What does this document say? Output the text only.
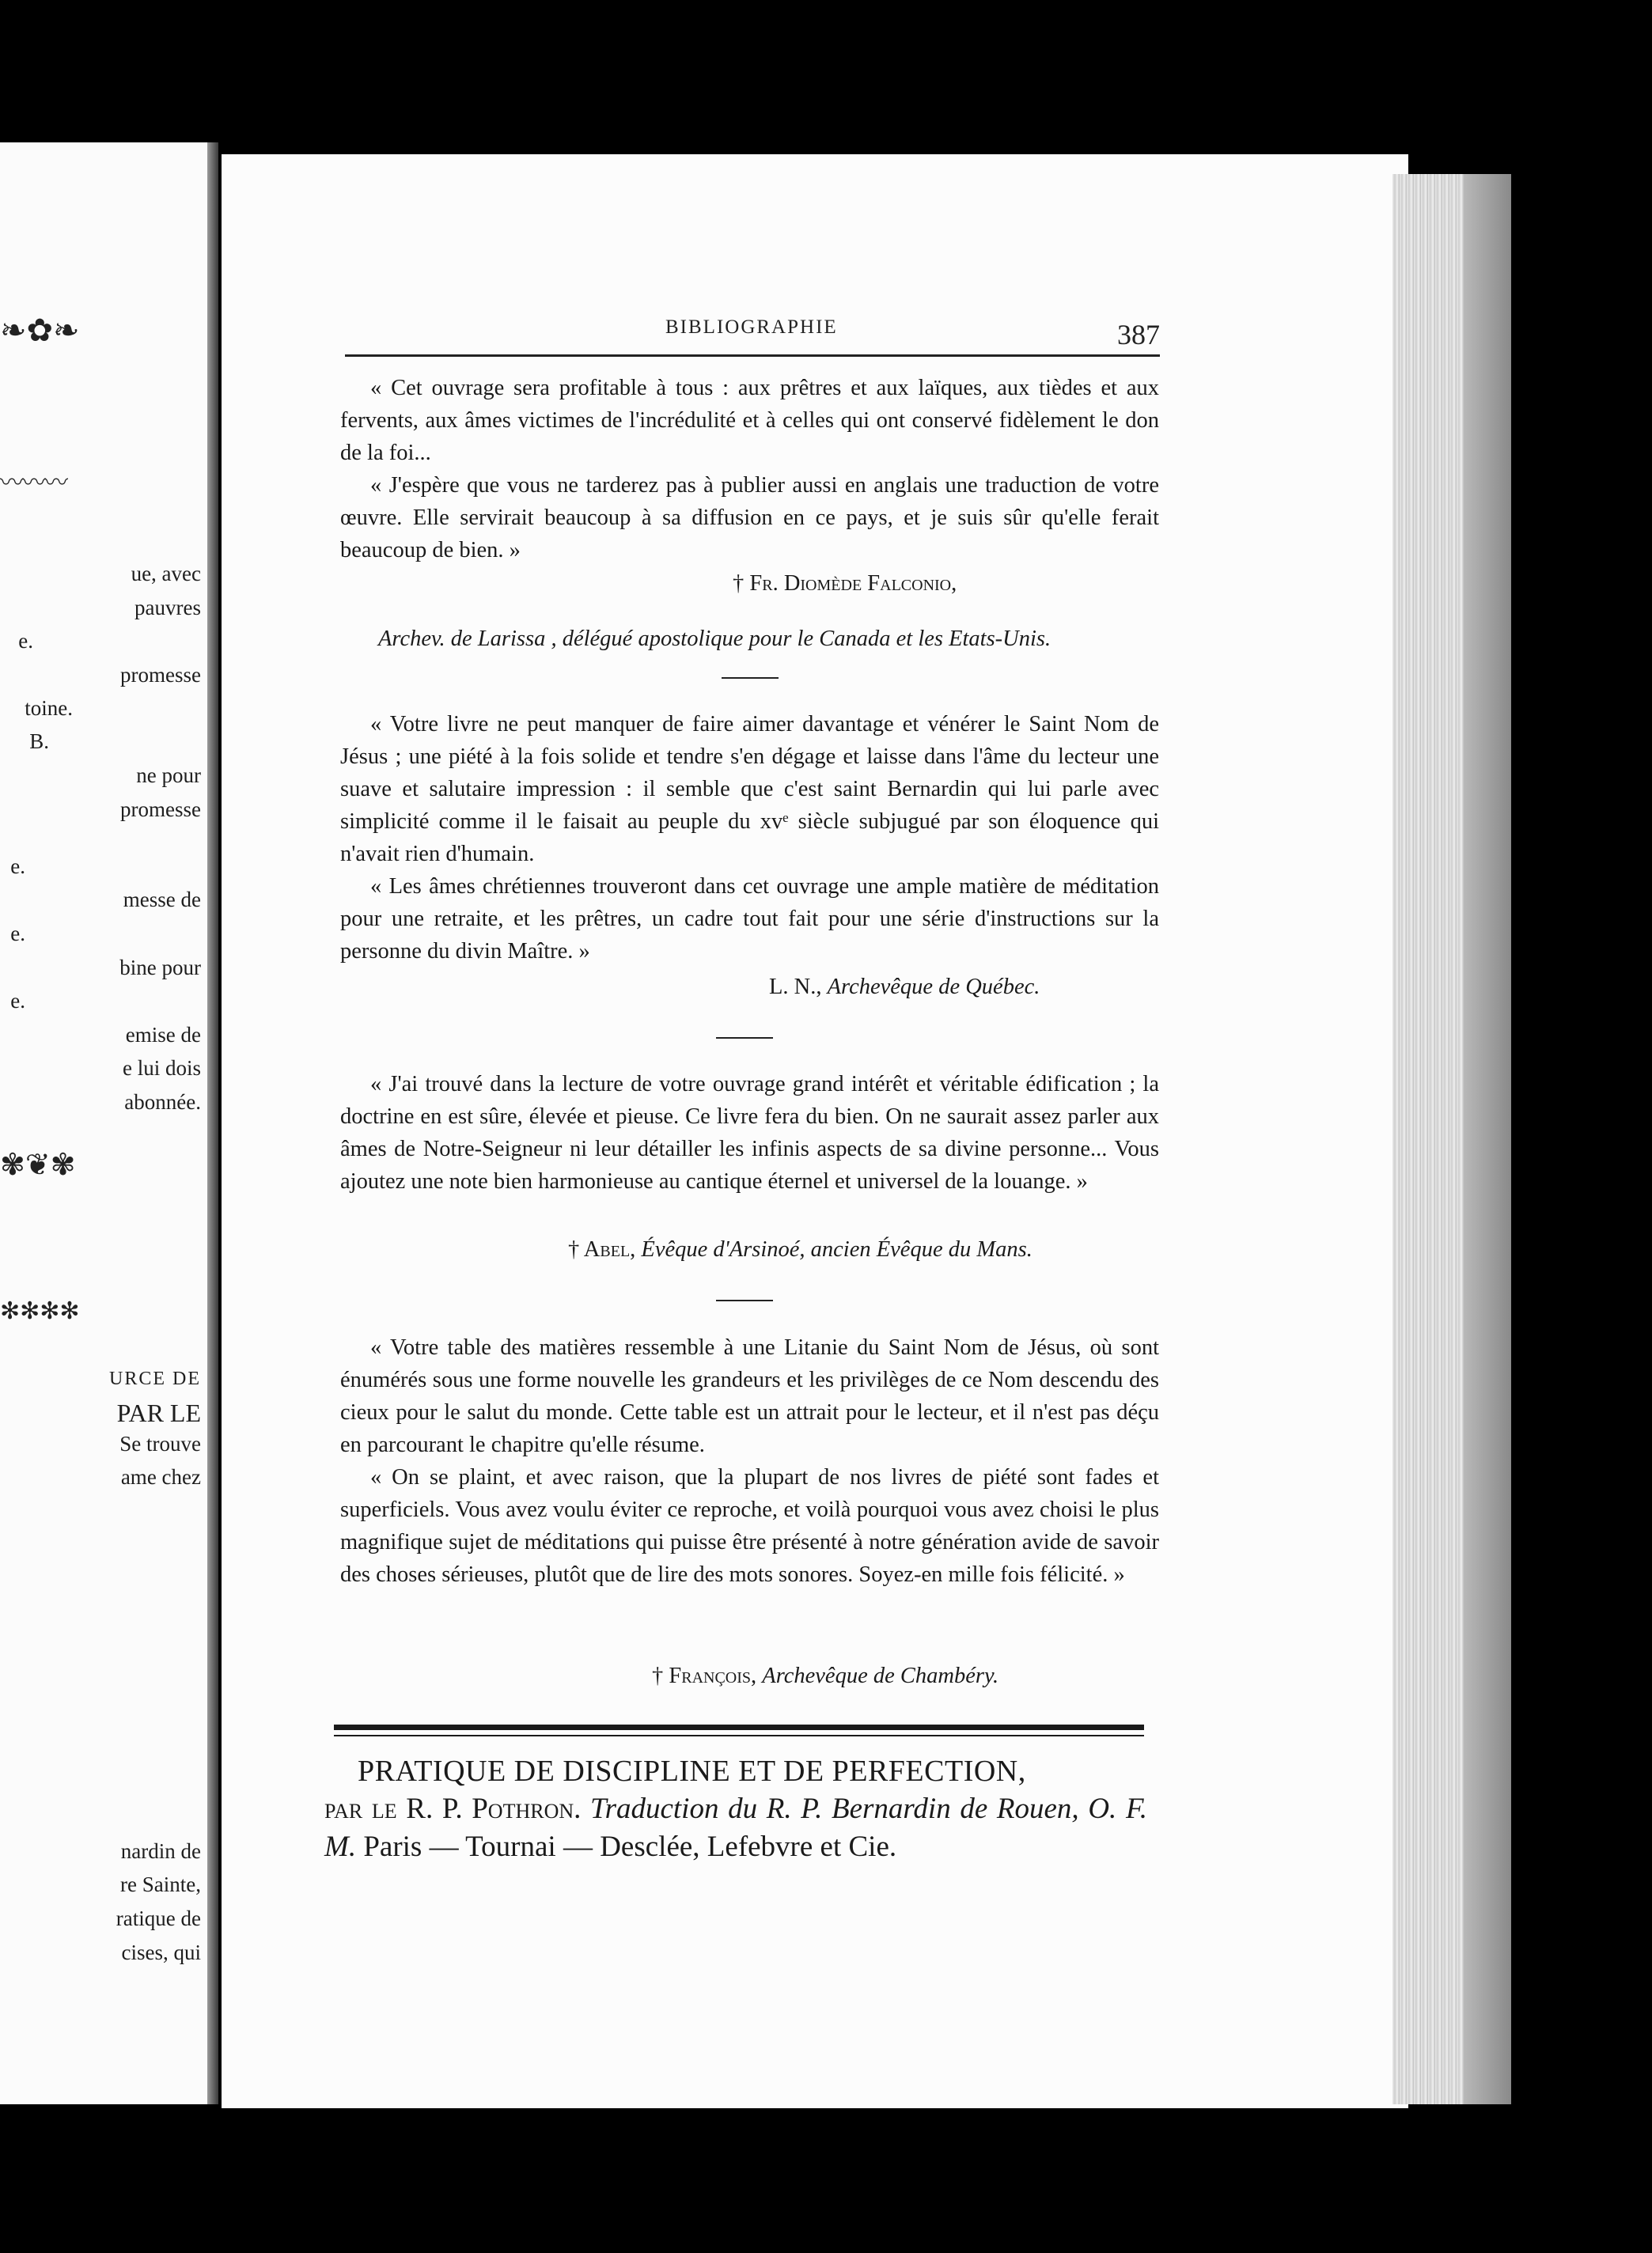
❧✿❧
〰〰〰
✾❦✾
✻✻✻✻
ue, avec
pauvres
e.
promesse
toine.
B.
ne pour
promesse
e.
messe de
e.
bine pour
e.
emise de
e lui dois
abonnée.
URCE DE
PAR LE
Se trouve
ame chez
nardin de
re Sainte,
ratique de
cises, qui
BIBLIOGRAPHIE	387

« Cet ouvrage sera profitable à tous : aux prêtres et aux laïques, aux tièdes et aux fervents, aux âmes victimes de l'incrédulité et à celles qui ont conservé fidèlement le don de la foi...

« J'espère que vous ne tarderez pas à publier aussi en anglais une traduction de votre œuvre. Elle servirait beaucoup à sa diffusion en ce pays, et je suis sûr qu'elle ferait beaucoup de bien. »

† Fr. Diomède Falconio,
Archev. de Larissa , délégué apostolique pour le Canada et les Etats-Unis.

« Votre livre ne peut manquer de faire aimer davantage et vénérer le Saint Nom de Jésus ; une piété à la fois solide et tendre s'en dégage et laisse dans l'âme du lecteur une suave et salutaire impression : il semble que c'est saint Bernardin qui lui parle avec simplicité comme il le faisait au peuple du xvᵉ siècle subjugué par son éloquence qui n'avait rien d'humain.

« Les âmes chrétiennes trouveront dans cet ouvrage une ample matière de méditation pour une retraite, et les prêtres, un cadre tout fait pour une série d'instructions sur la personne du divin Maître. »

L. N., Archevêque de Québec.

« J'ai trouvé dans la lecture de votre ouvrage grand intérêt et véritable édification ; la doctrine en est sûre, élevée et pieuse. Ce livre fera du bien. On ne saurait assez parler aux âmes de Notre-Seigneur ni leur détailler les infinis aspects de sa divine personne... Vous ajoutez une note bien harmonieuse au cantique éternel et universel de la louange. »

† Abel, Évêque d'Arsinoé, ancien Évêque du Mans.

« Votre table des matières ressemble à une Litanie du Saint Nom de Jésus, où sont énumérés sous une forme nouvelle les grandeurs et les privilèges de ce Nom descendu des cieux pour le salut du monde. Cette table est un attrait pour le lecteur, et il n'est pas déçu en parcourant le chapitre qu'elle résume.

« On se plaint, et avec raison, que la plupart de nos livres de piété sont fades et superficiels. Vous avez voulu éviter ce reproche, et voilà pourquoi vous avez choisi le plus magnifique sujet de méditations qui puisse être présenté à notre génération avide de savoir des choses sérieuses, plutôt que de lire des mots sonores. Soyez-en mille fois félicité. »

† François, Archevêque de Chambéry.
PRATIQUE DE DISCIPLINE ET DE PERFECTION,
par le R. P. Pothron. Traduction du R. P. Bernardin de Rouen, O. F. M. Paris — Tournai — Desclée, Lefebvre et Cie.
